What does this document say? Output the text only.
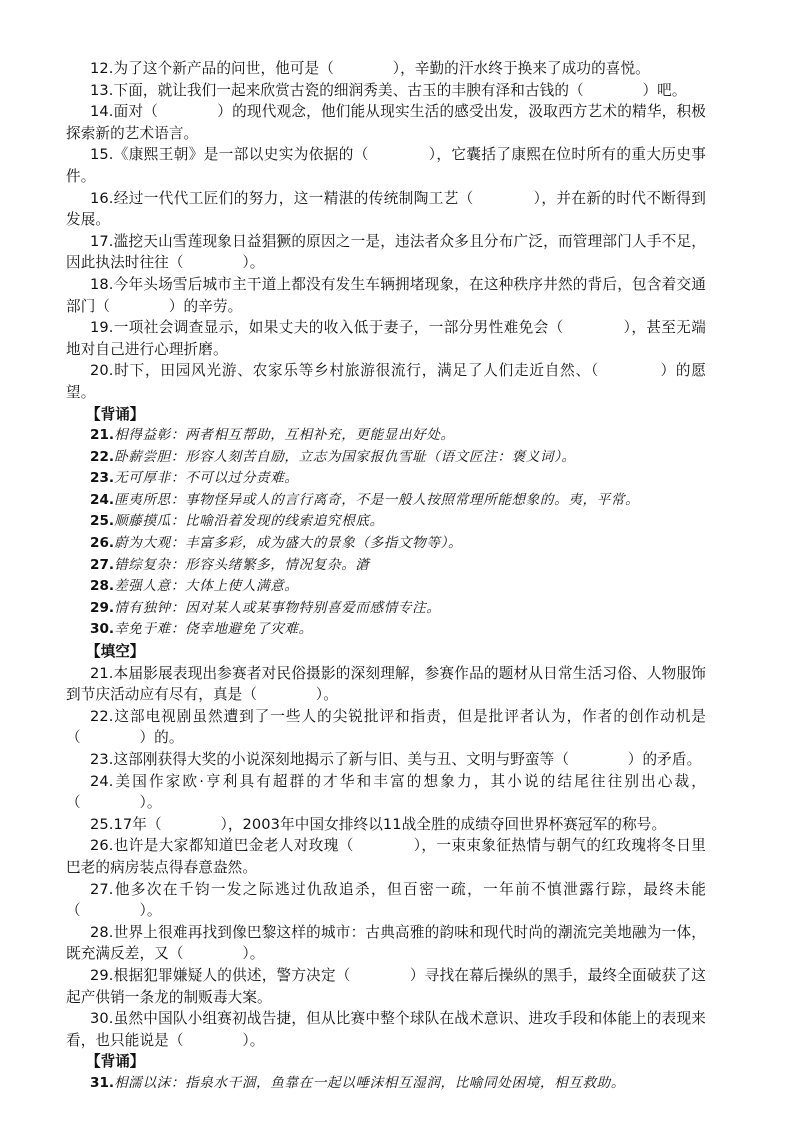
12.为了这个新产品的问世，他可是（　　　　），辛勤的汗水终于换来了成功的喜悦。

13.下面，就让我们一起来欣赏古瓷的细润秀美、古玉的丰腴有泽和古钱的（　　　　）吧。

14.面对（　　　　）的现代观念，他们能从现实生活的感受出发，汲取西方艺术的精华，积极探索新的艺术语言。

15.《康熙王朝》是一部以史实为依据的（　　　　），它囊括了康熙在位时所有的重大历史事件。

16.经过一代代工匠们的努力，这一精湛的传统制陶工艺（　　　　），并在新的时代不断得到发展。

17.滥挖天山雪莲现象日益猖獗的原因之一是，违法者众多且分布广泛，而管理部门人手不足，因此执法时往往（　　　　）。

18.今年头场雪后城市主干道上都没有发生车辆拥堵现象，在这种秩序井然的背后，包含着交通部门（　　　　）的辛劳。

19.一项社会调查显示，如果丈夫的收入低于妻子，一部分男性难免会（　　　　），甚至无端地对自己进行心理折磨。

20.时下，田园风光游、农家乐等乡村旅游很流行，满足了人们走近自然、（　　　　）的愿望。

【背诵】

21.相得益彰：两者相互帮助，互相补充，更能显出好处。

22.卧薪尝胆：形容人刻苦自励，立志为国家报仇雪耻（语文匠注：褒义词）。

23.无可厚非：不可以过分责难。

24.匪夷所思：事物怪异或人的言行离奇，不是一般人按照常理所能想象的。夷，平常。

25.顺藤摸瓜：比喻沿着发现的线索追究根底。

26.蔚为大观：丰富多彩，成为盛大的景象（多指文物等）。

27.错综复杂：形容头绪繁多，情况复杂。濸

28.差强人意：大体上使人满意。

29.情有独钟：因对某人或某事物特别喜爱而感情专注。

30.幸免于难：侥幸地避免了灾难。

【填空】

21.本届影展表现出参赛者对民俗摄影的深刻理解，参赛作品的题材从日常生活习俗、人物服饰到节庆活动应有尽有，真是（　　　　）。

22.这部电视剧虽然遭到了一些人的尖锐批评和指责，但是批评者认为，作者的创作动机是（　　　　）的。

23.这部刚获得大奖的小说深刻地揭示了新与旧、美与丑、文明与野蛮等（　　　　）的矛盾。

24.美国作家欧·亨利具有超群的才华和丰富的想象力，其小说的结尾往往别出心裁，（　　　　）。

25.17年（　　　　），2003年中国女排终以11战全胜的成绩夺回世界杯赛冠军的称号。

26.也许是大家都知道巴金老人对玫瑰（　　　　），一束束象征热情与朝气的红玫瑰将冬日里巴老的病房装点得春意盎然。

27.他多次在千钧一发之际逃过仇敌追杀，但百密一疏，一年前不慎泄露行踪，最终未能（　　　　）。

28.世界上很难再找到像巴黎这样的城市：古典高雅的韵味和现代时尚的潮流完美地融为一体，既充满反差，又（　　　　）。

29.根据犯罪嫌疑人的供述，警方决定（　　　　）寻找在幕后操纵的黑手，最终全面破获了这起产供销一条龙的制贩毒大案。

30.虽然中国队小组赛初战告捷，但从比赛中整个球队在战术意识、进攻手段和体能上的表现来看，也只能说是（　　　　）。

【背诵】

31.相濡以沫：指泉水干涸，鱼靠在一起以唾沫相互湿润，比喻同处困境，相互救助。
